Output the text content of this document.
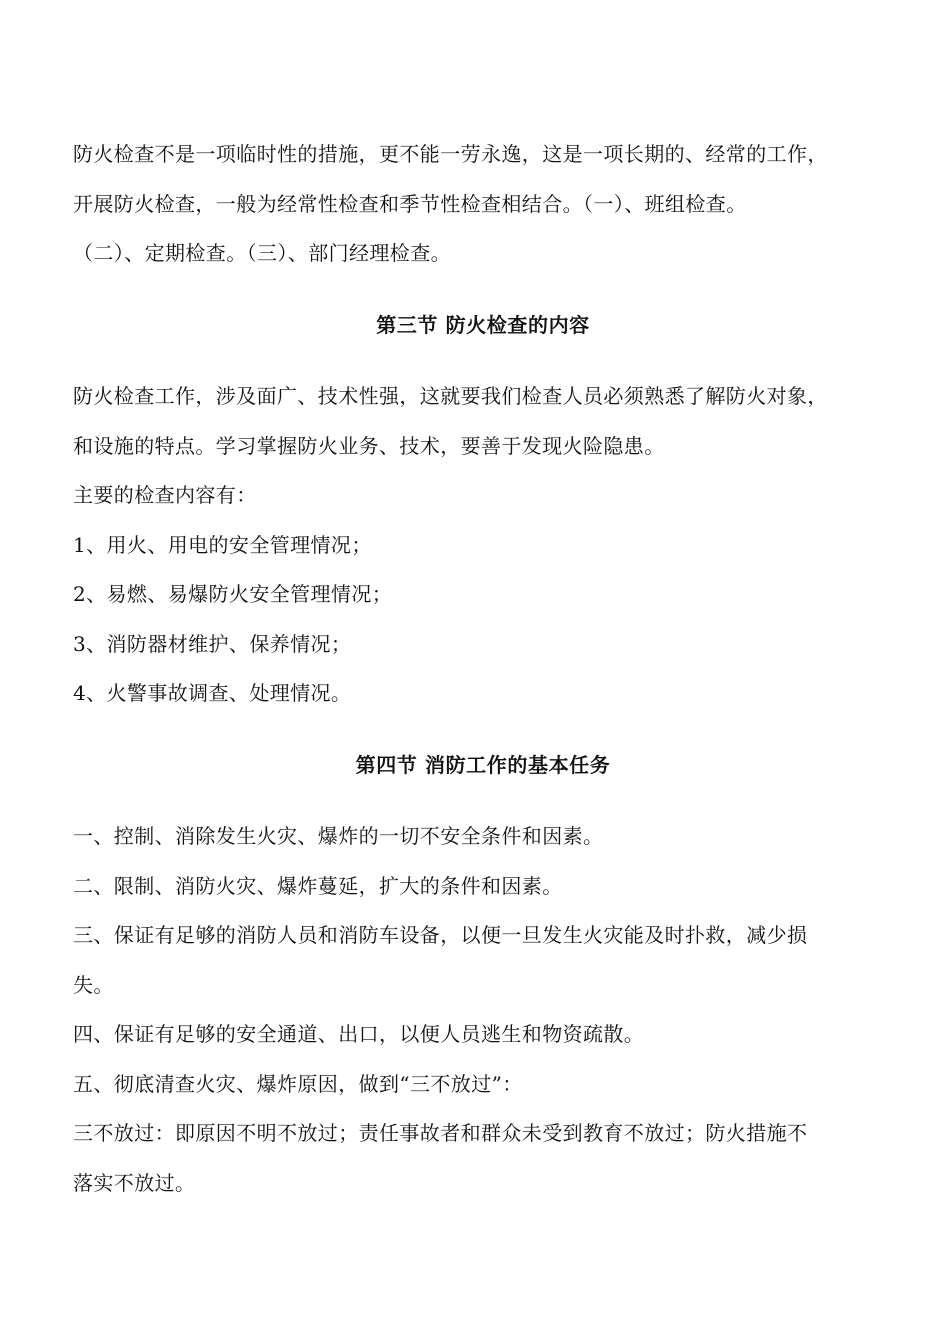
防火检查不是一项临时性的措施，更不能一劳永逸，这是一项长期的、经常的工作，
开展防火检查，一般为经常性检查和季节性检查相结合。（一）、班组检查。
（二）、定期检查。（三）、部门经理检查。
第三节 防火检查的内容
防火检查工作，涉及面广、技术性强，这就要我们检查人员必须熟悉了解防火对象，
和设施的特点。学习掌握防火业务、技术，要善于发现火险隐患。
主要的检查内容有：
1、用火、用电的安全管理情况；
2、易燃、易爆防火安全管理情况；
3、消防器材维护、保养情况；
4、火警事故调查、处理情况。
第四节 消防工作的基本任务
一、控制、消除发生火灾、爆炸的一切不安全条件和因素。
二、限制、消防火灾、爆炸蔓延，扩大的条件和因素。
三、保证有足够的消防人员和消防车设备，以便一旦发生火灾能及时扑救，减少损
失。
四、保证有足够的安全通道、出口，以便人员逃生和物资疏散。
五、彻底清查火灾、爆炸原因，做到“三不放过”：
三不放过：即原因不明不放过；责任事故者和群众未受到教育不放过；防火措施不
落实不放过。
